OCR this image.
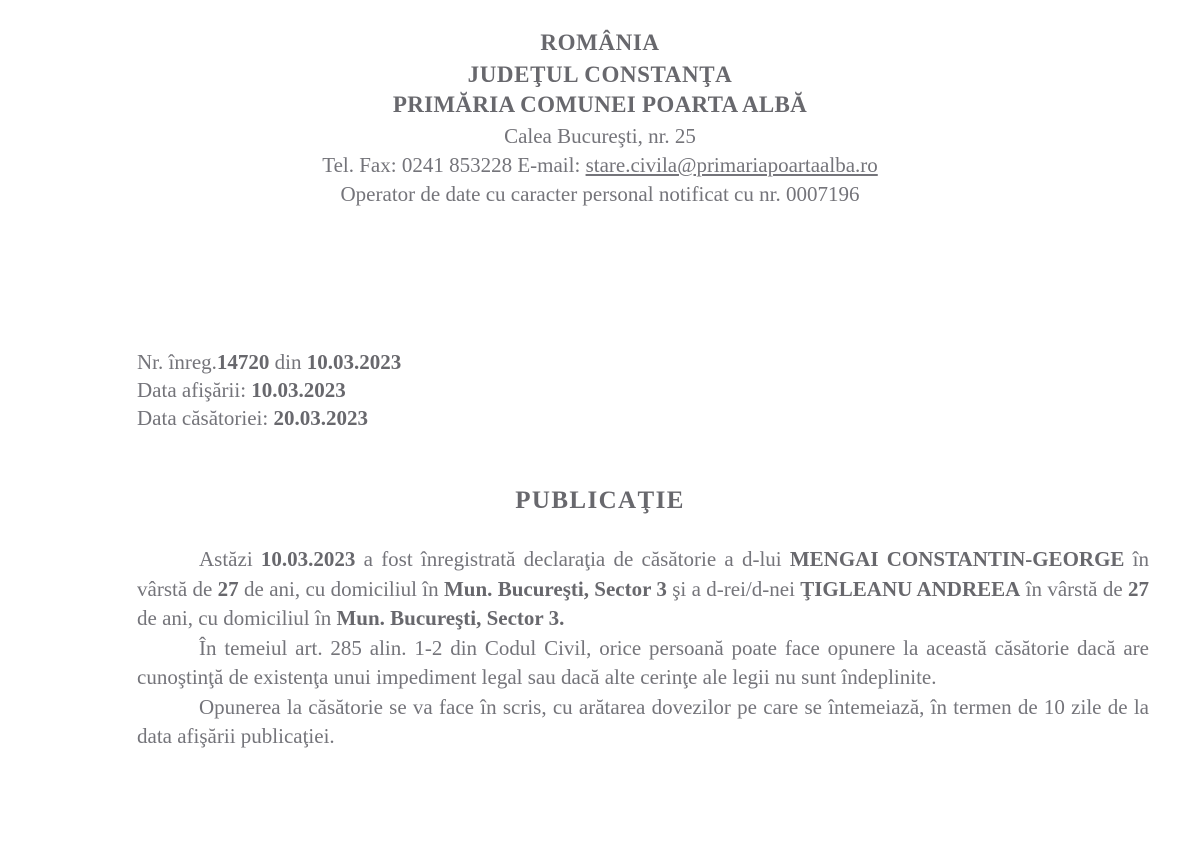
ROMÂNIA
JUDEŢUL CONSTANŢA
PRIMĂRIA COMUNEI POARTA ALBĂ
Calea Bucureşti, nr. 25
Tel. Fax: 0241 853228 E-mail: stare.civila@primariapoartaalba.ro
Operator de date cu caracter personal notificat cu nr. 0007196
Nr. înreg.14720 din 10.03.2023
Data afişării: 10.03.2023
Data căsătoriei: 20.03.2023
PUBLICAŢIE

Astăzi 10.03.2023 a fost înregistrată declaraţia de căsătorie a d-lui MENGAI CONSTANTIN-GEORGE în vârstă de 27 de ani, cu domiciliul în Mun. Bucureşti, Sector 3 şi a d-rei/d-nei ŢIGLEANU ANDREEA în vârstă de 27 de ani, cu domiciliul în Mun. Bucureşti, Sector 3.

În temeiul art. 285 alin. 1-2 din Codul Civil, orice persoană poate face opunere la această căsătorie dacă are cunoştinţă de existenţa unui impediment legal sau dacă alte cerinţe ale legii nu sunt îndeplinite.

Opunerea la căsătorie se va face în scris, cu arătarea dovezilor pe care se întemeiază, în termen de 10 zile de la data afişării publicaţiei.
